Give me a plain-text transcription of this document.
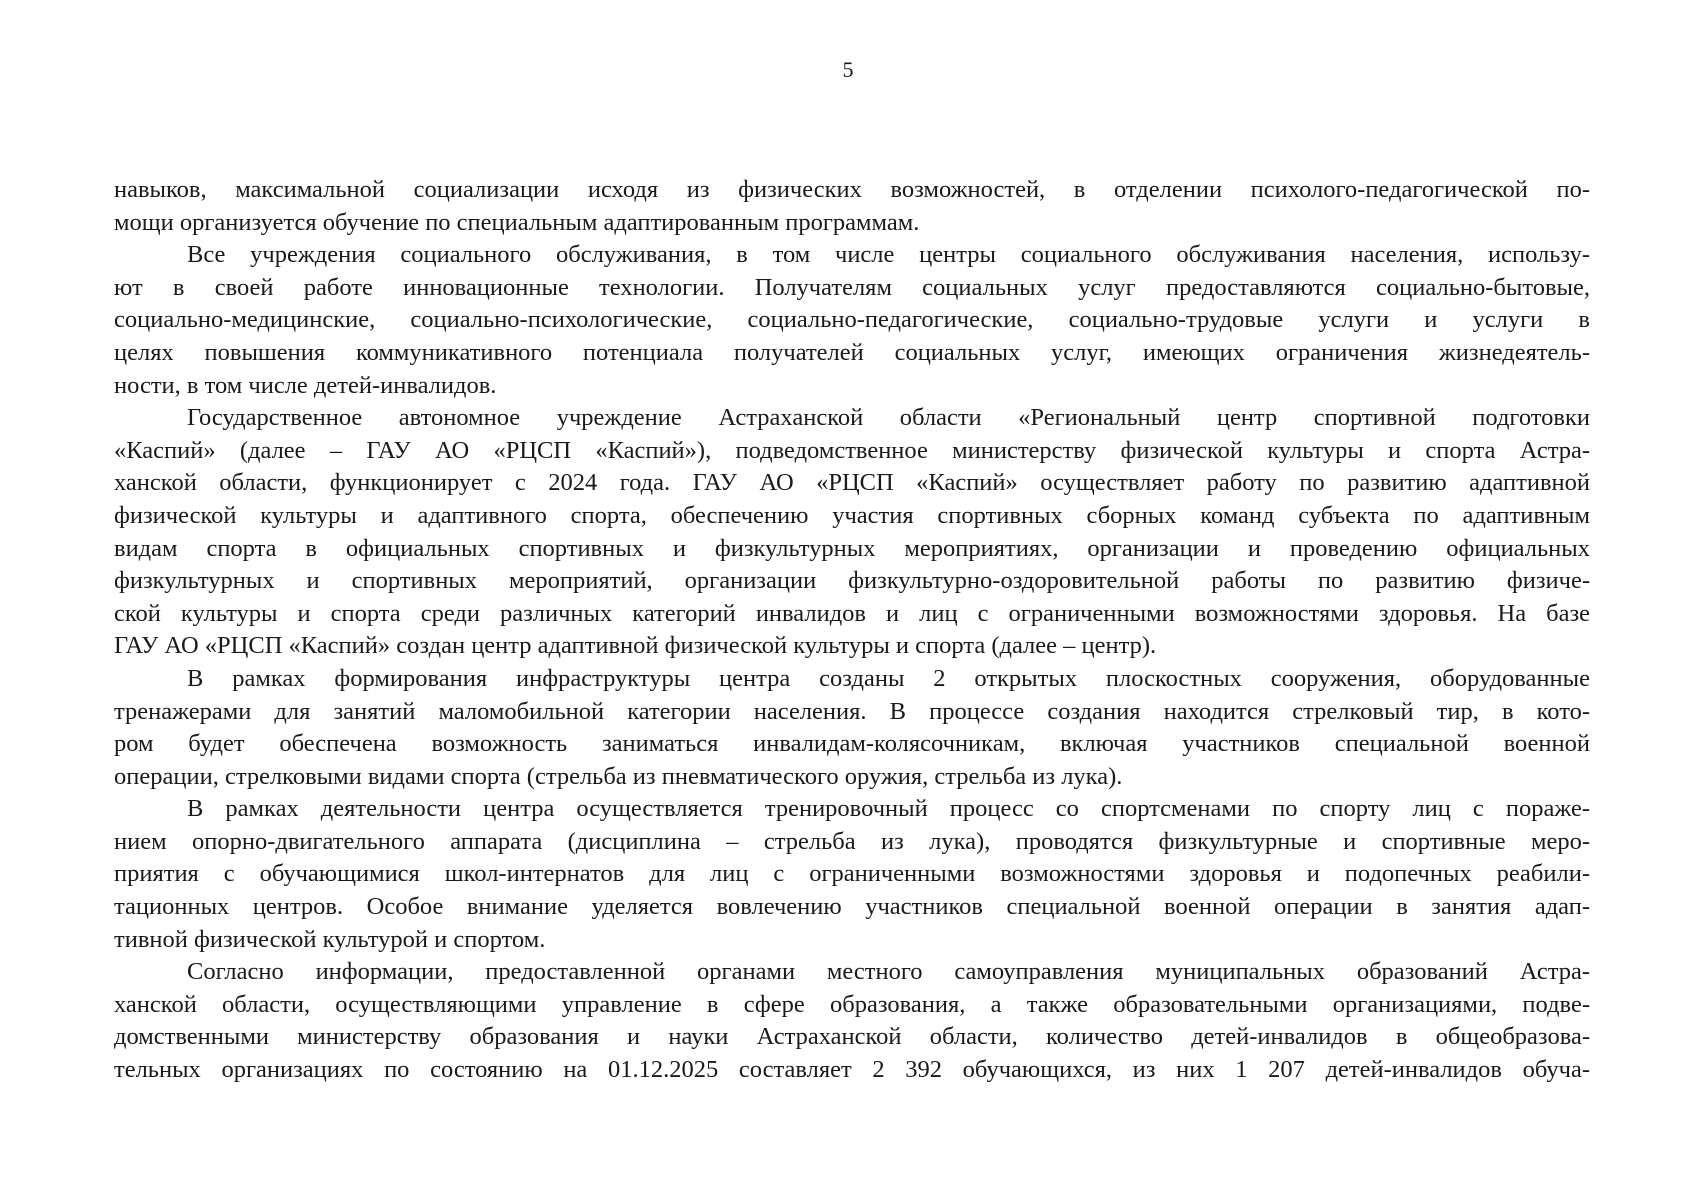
5
навыков, максимальной социализации исходя из физических возможностей, в отделении психолого-педагогической по-
мощи организуется обучение по специальным адаптированным программам.
Все учреждения социального обслуживания, в том числе центры социального обслуживания населения, использу-
ют в своей работе инновационные технологии. Получателям социальных услуг предоставляются социально-бытовые,
социально-медицинские, социально-психологические, социально-педагогические, социально-трудовые услуги и услуги в
целях повышения коммуникативного потенциала получателей социальных услуг, имеющих ограничения жизнедеятель-
ности, в том числе детей-инвалидов.
Государственное автономное учреждение Астраханской области «Региональный центр спортивной подготовки
«Каспий» (далее – ГАУ АО «РЦСП «Каспий»), подведомственное министерству физической культуры и спорта Астра-
ханской области, функционирует с 2024 года. ГАУ АО «РЦСП «Каспий» осуществляет работу по развитию адаптивной
физической культуры и адаптивного спорта, обеспечению участия спортивных сборных команд субъекта по адаптивным
видам спорта в официальных спортивных и физкультурных мероприятиях, организации и проведению официальных
физкультурных и спортивных мероприятий, организации физкультурно-оздоровительной работы по развитию физиче-
ской культуры и спорта среди различных категорий инвалидов и лиц с ограниченными возможностями здоровья. На базе
ГАУ АО «РЦСП «Каспий» создан центр адаптивной физической культуры и спорта (далее – центр).
В рамках формирования инфраструктуры центра созданы 2 открытых плоскостных сооружения, оборудованные
тренажерами для занятий маломобильной категории населения. В процессе создания находится стрелковый тир, в кото-
ром будет обеспечена возможность заниматься инвалидам-колясочникам, включая участников специальной военной
операции, стрелковыми видами спорта (стрельба из пневматического оружия, стрельба из лука).
В рамках деятельности центра осуществляется тренировочный процесс со спортсменами по спорту лиц с пораже-
нием опорно-двигательного аппарата (дисциплина – стрельба из лука), проводятся физкультурные и спортивные меро-
приятия с обучающимися школ-интернатов для лиц с ограниченными возможностями здоровья и подопечных реабили-
тационных центров. Особое внимание уделяется вовлечению участников специальной военной операции в занятия адап-
тивной физической культурой и спортом.
Согласно информации, предоставленной органами местного самоуправления муниципальных образований Астра-
ханской области, осуществляющими управление в сфере образования, а также образовательными организациями, подве-
домственными министерству образования и науки Астраханской области, количество детей-инвалидов в общеобразова-
тельных организациях по состоянию на 01.12.2025 составляет 2 392 обучающихся, из них 1 207 детей-инвалидов обуча-
